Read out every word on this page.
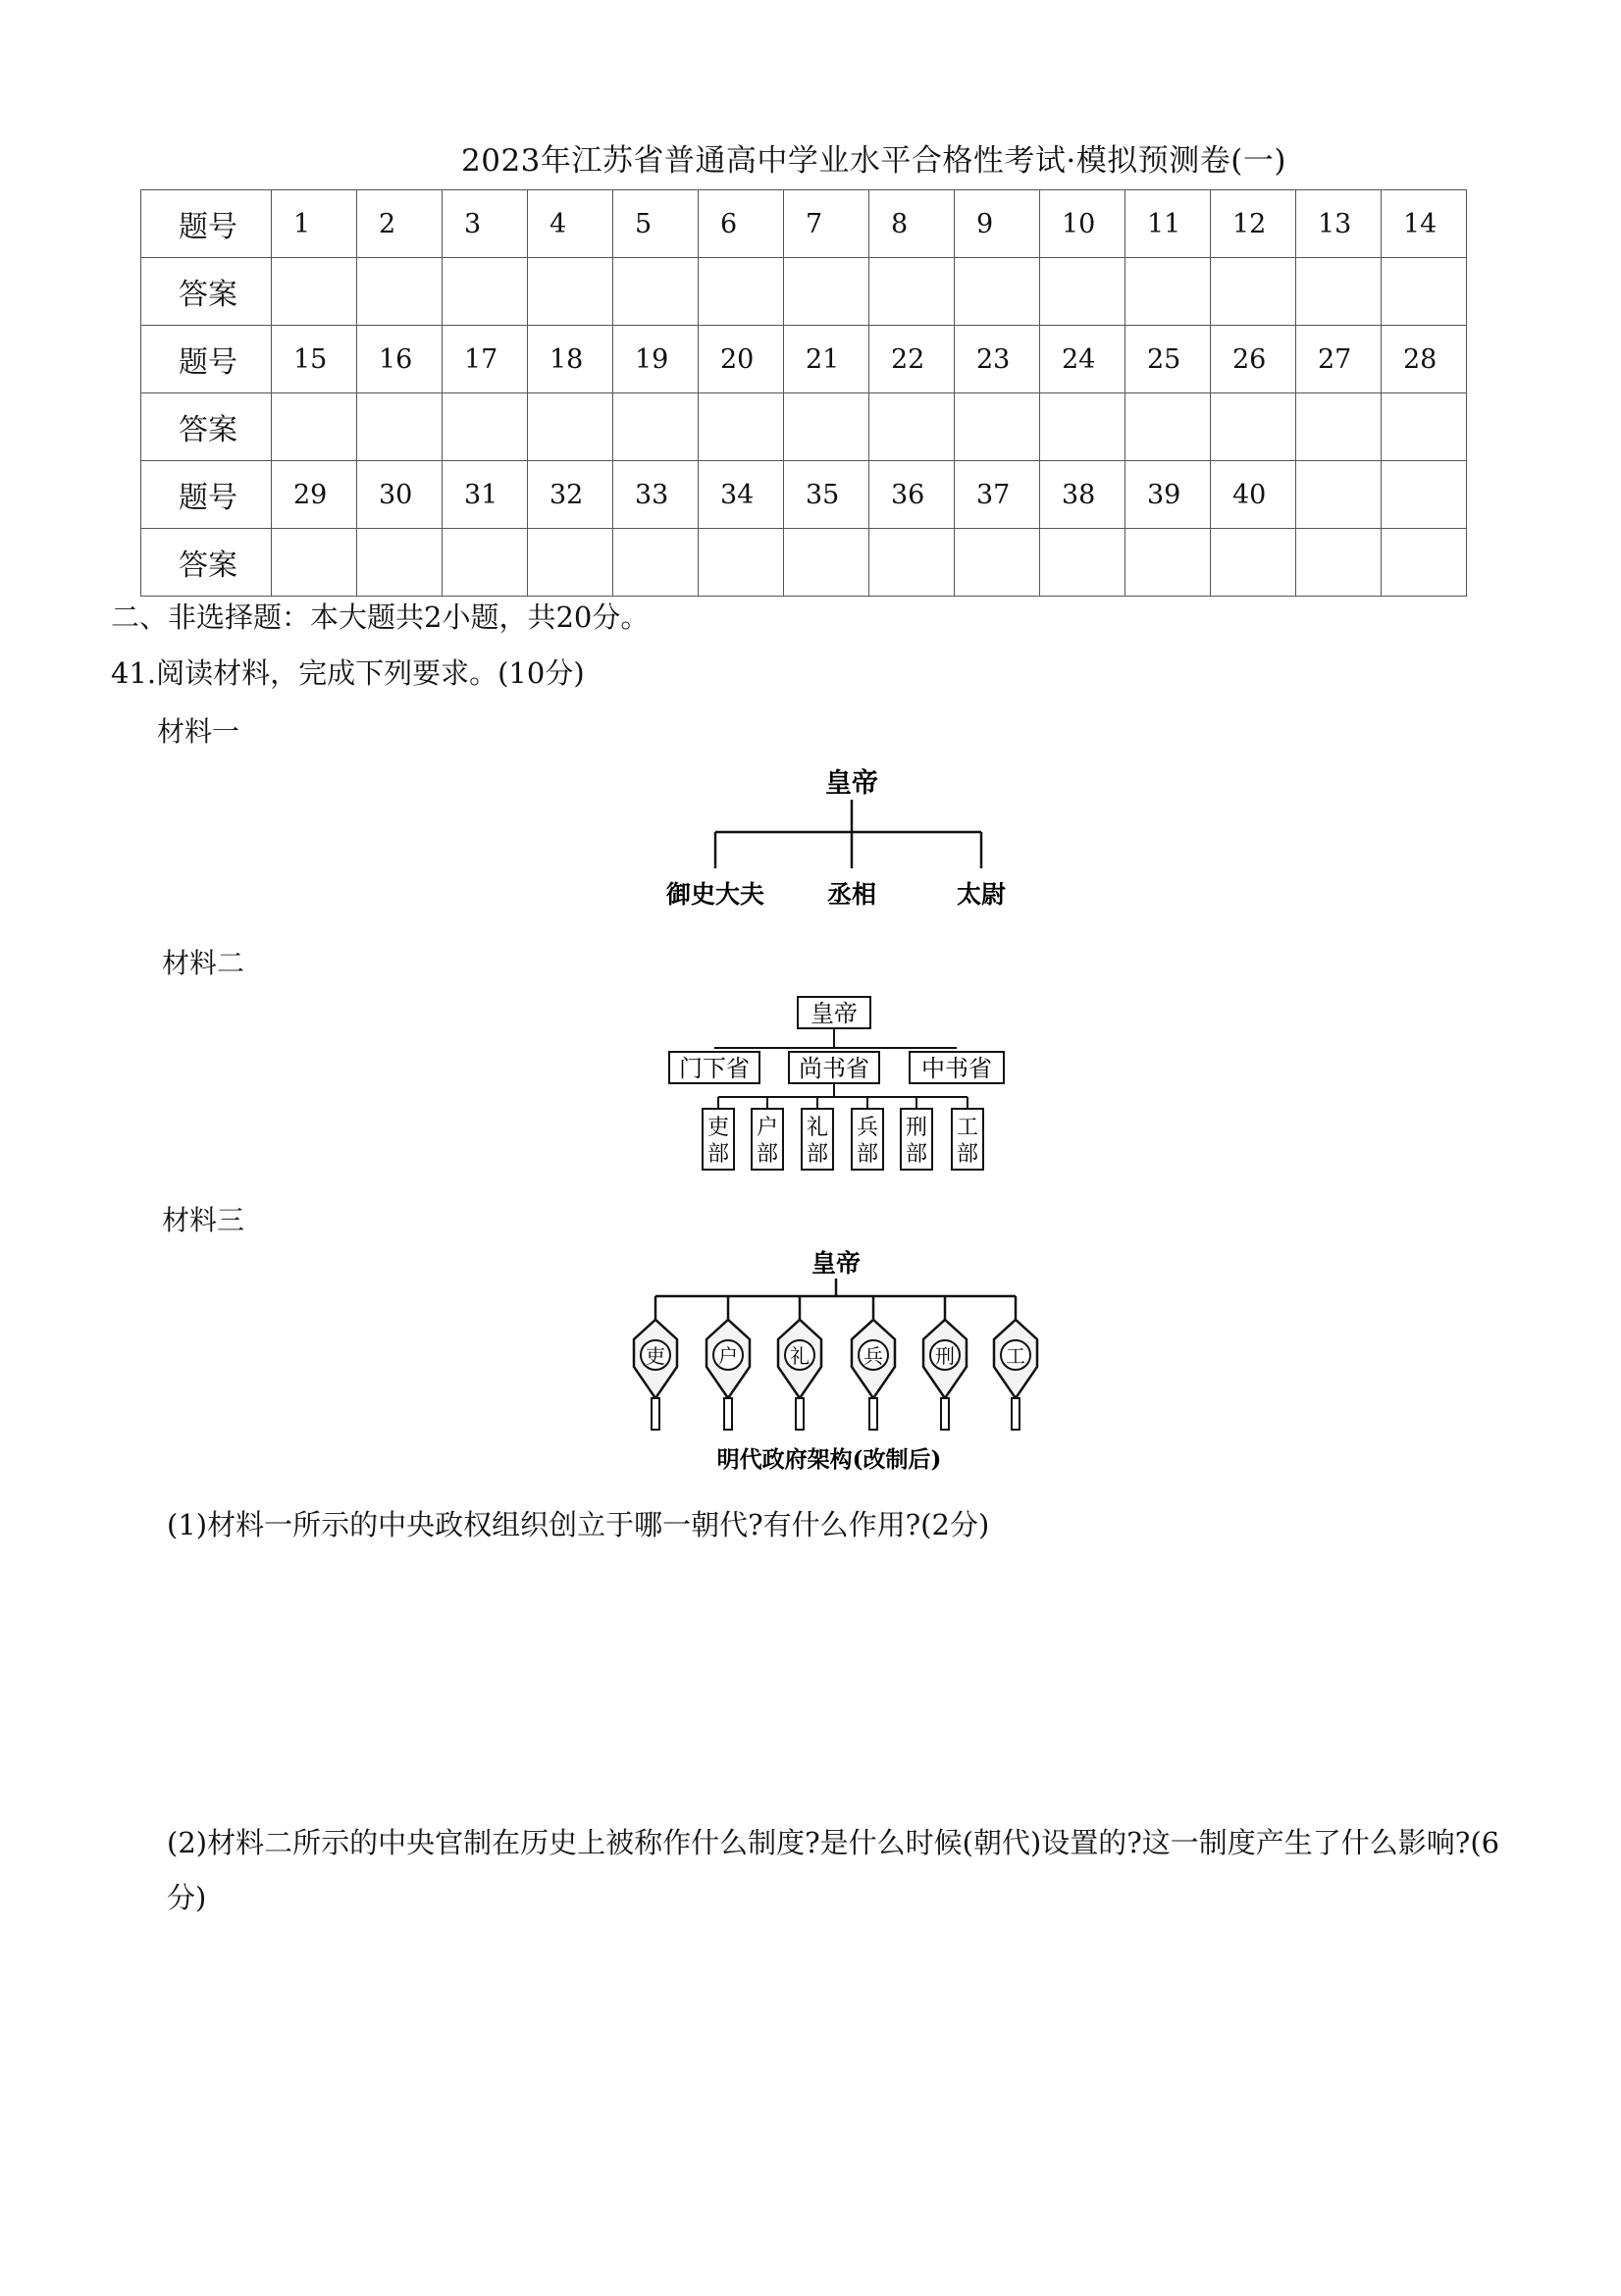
2023年江苏省普通高中学业水平合格性考试·模拟预测卷(一)
题号	1	2	3	4	5	6	7	8	9	10	11	12	13	14
答案														
题号	15	16	17	18	19	20	21	22	23	24	25	26	27	28
答案														
题号	29	30	31	32	33	34	35	36	37	38	39	40		
答案														
二、非选择题：本大题共2小题，共20分。
41.阅读材料，完成下列要求。(10分)
材料一
皇帝
御史大夫	丞相	太尉
材料二
皇帝
门下省 尚书省 中书省
吏
部
户
部
礼
部
兵
部
刑
部
工
部
材料三
皇帝
吏	户	礼	兵	刑	工
明代政府架构(改制后)
(1)材料一所示的中央政权组织创立于哪一朝代?有什么作用?(2分)
(2)材料二所示的中央官制在历史上被称作什么制度?是什么时候(朝代)设置的?这一制度产生了什么影响?(6
分)
